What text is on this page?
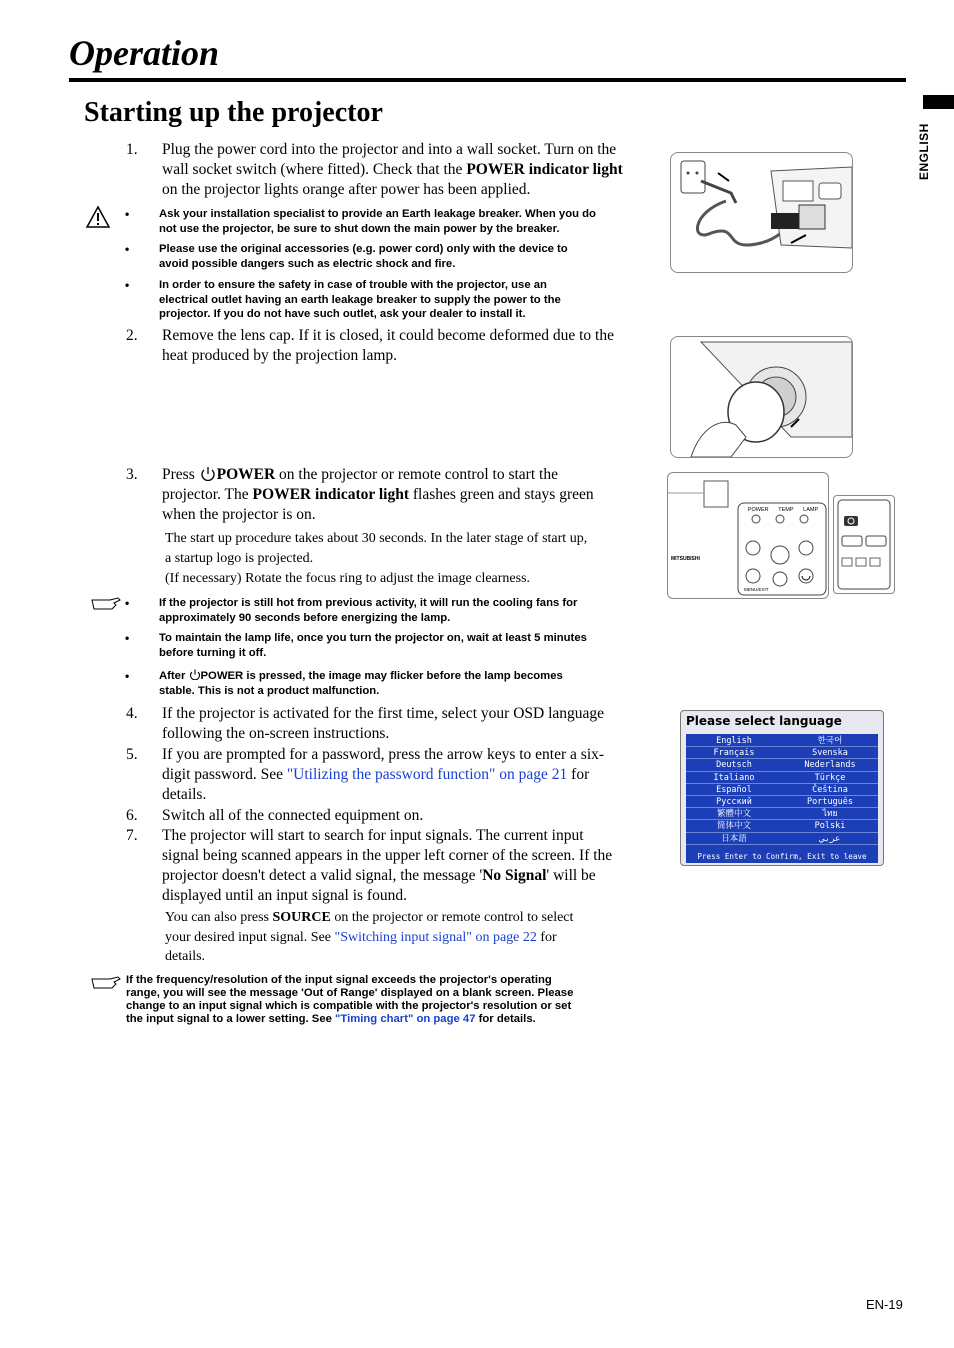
Operation
Starting up the projector
ENGLISH
1. Plug the power cord into the projector and into a wall socket. Turn on the
wall socket switch (where fitted). Check that the POWER indicator light
on the projector lights orange after power has been applied.
•	Ask your installation specialist to provide an Earth leakage breaker. When you do
not use the projector, be sure to shut down the main power by the breaker.
•	Please use the original accessories (e.g. power cord) only with the device to
avoid possible dangers such as electric shock and fire.
•	In order to ensure the safety in case of trouble with the projector, use an
electrical outlet having an earth leakage breaker to supply the power to the
projector. If you do not have such outlet, ask your dealer to install it.
2. Remove the lens cap. If it is closed, it could become deformed due to the
heat produced by the projection lamp.
3. Press POWER on the projector or remote control to start the
projector. The POWER indicator light flashes green and stays green
when the projector is on.
The start up procedure takes about 30 seconds. In the later stage of start up,
a startup logo is projected.
(If necessary) Rotate the focus ring to adjust the image clearness.
POWER TEMP LAMP
MITSUBISHI
MENU/EXIT
•	If the projector is still hot from previous activity, it will run the cooling fans for
approximately 90 seconds before energizing the lamp.
•	To maintain the lamp life, once you turn the projector on, wait at least 5 minutes
before turning it off.
•	After POWER is pressed, the image may flicker before the lamp becomes
stable. This is not a product malfunction.
4. If the projector is activated for the first time, select your OSD language
following the on-screen instructions.
5. If you are prompted for a password, press the arrow keys to enter a six-
digit password. See "Utilizing the password function" on page 21 for
details.
6. Switch all of the connected equipment on.
7. The projector will start to search for input signals. The current input
signal being scanned appears in the upper left corner of the screen. If the
projector doesn't detect a valid signal, the message 'No Signal' will be
displayed until an input signal is found.
You can also press SOURCE on the projector or remote control to select
your desired input signal. See "Switching input signal" on page 22 for
details.
If the frequency/resolution of the input signal exceeds the projector's operating
range, you will see the message 'Out of Range' displayed on a blank screen. Please
change to an input signal which is compatible with the projector's resolution or set
the input signal to a lower setting. See "Timing chart" on page 47 for details.
Please select language
English	한국어
Français	Svenska
Deutsch	Nederlands
Italiano	Türkçe
Español	Čeština
Русский	Português
繁體中文	ไทย
简体中文	Polski
日本語	عربي
Press Enter to Confirm, Exit to leave
EN-19
